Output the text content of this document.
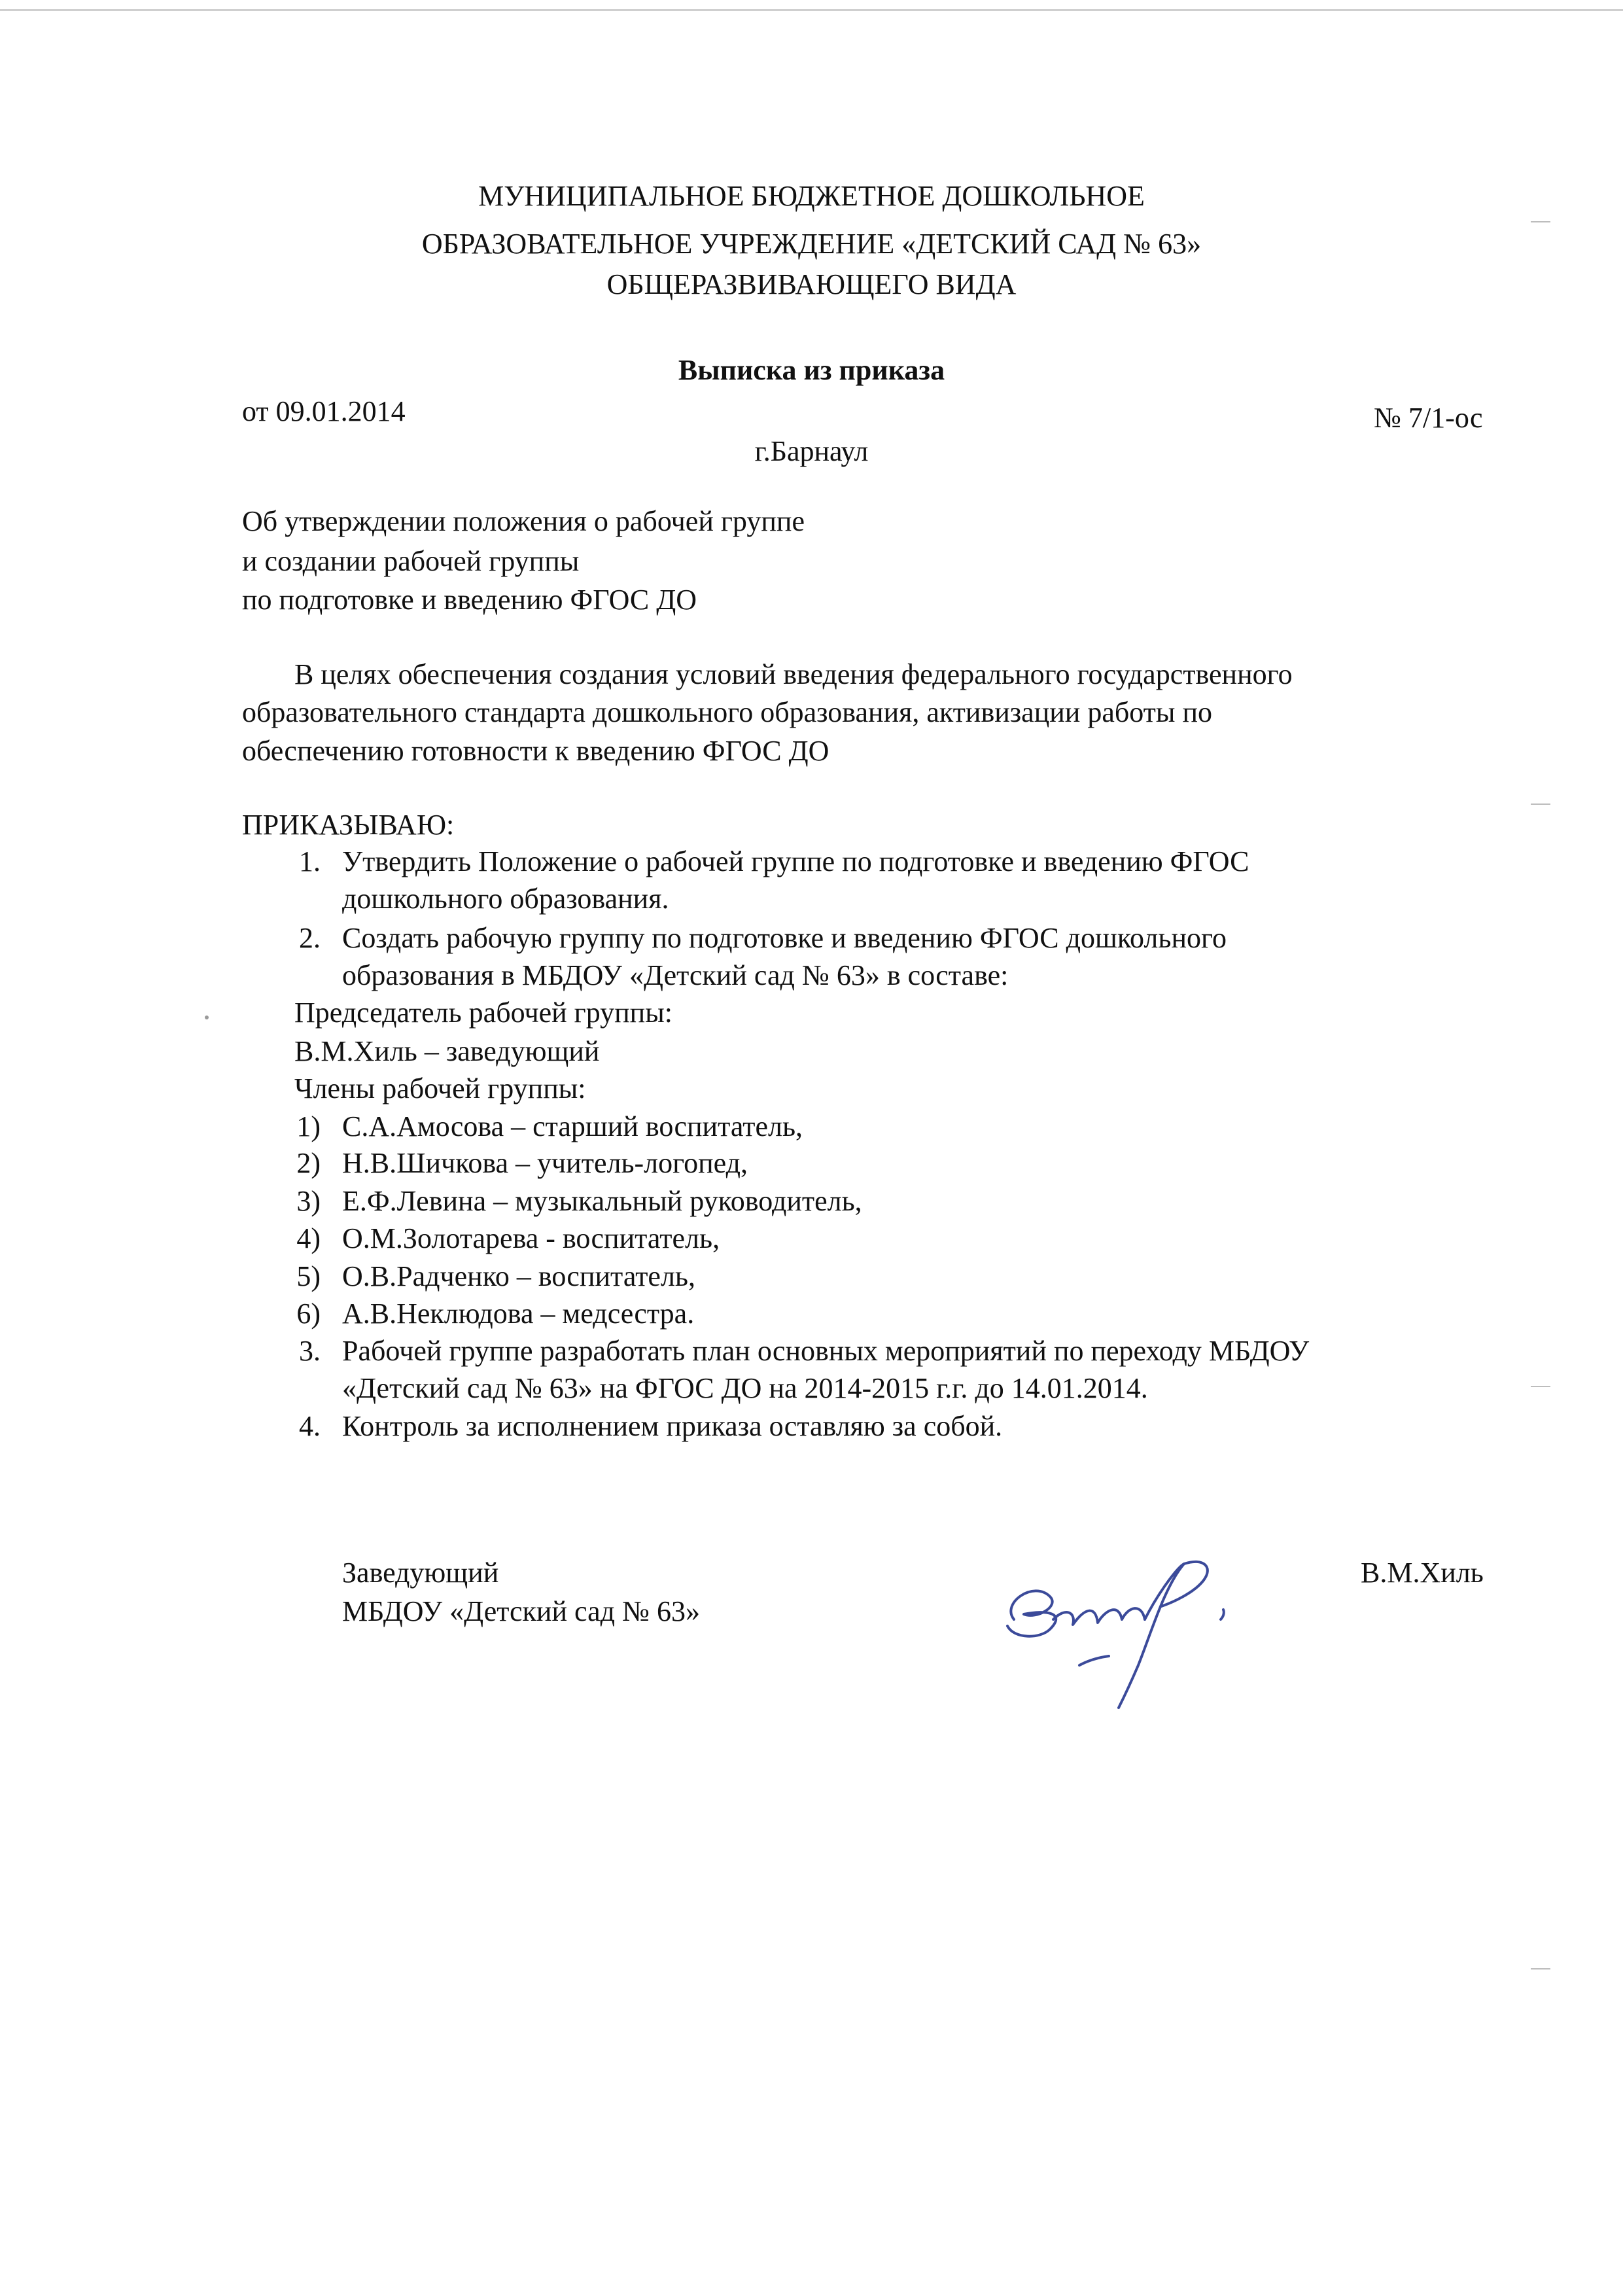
МУНИЦИПАЛЬНОЕ БЮДЖЕТНОЕ ДОШКОЛЬНОЕ
ОБРАЗОВАТЕЛЬНОЕ УЧРЕЖДЕНИЕ «ДЕТСКИЙ САД № 63»
ОБЩЕРАЗВИВАЮЩЕГО ВИДА
Выписка из приказа
от 09.01.2014	№ 7/1-ос
г.Барнаул
Об утверждении положения о рабочей группе
и создании рабочей группы
по подготовке и введению ФГОС ДО
В целях обеспечения создания условий введения федерального государственного
образовательного стандарта дошкольного образования, активизации работы по
обеспечению готовности к введению ФГОС ДО
ПРИКАЗЫВАЮ:
1. Утвердить Положение о рабочей группе по подготовке и введению ФГОС
дошкольного образования.
2. Создать рабочую группу по подготовке и введению ФГОС дошкольного
образования в МБДОУ «Детский сад № 63» в составе:
Председатель рабочей группы:
В.М.Хиль – заведующий
Члены рабочей группы:
1) С.А.Амосова – старший воспитатель,
2) Н.В.Шичкова – учитель-логопед,
3) Е.Ф.Левина – музыкальный руководитель,
4) О.М.Золотарева - воспитатель,
5) О.В.Радченко – воспитатель,
6) А.В.Неклюдова – медсестра.
3. Рабочей группе разработать план основных мероприятий по переходу МБДОУ
«Детский сад № 63» на ФГОС ДО на 2014-2015 г.г. до 14.01.2014.
4. Контроль за исполнением приказа оставляю за собой.
Заведующий
МБДОУ «Детский сад № 63»
В.М.Хиль
